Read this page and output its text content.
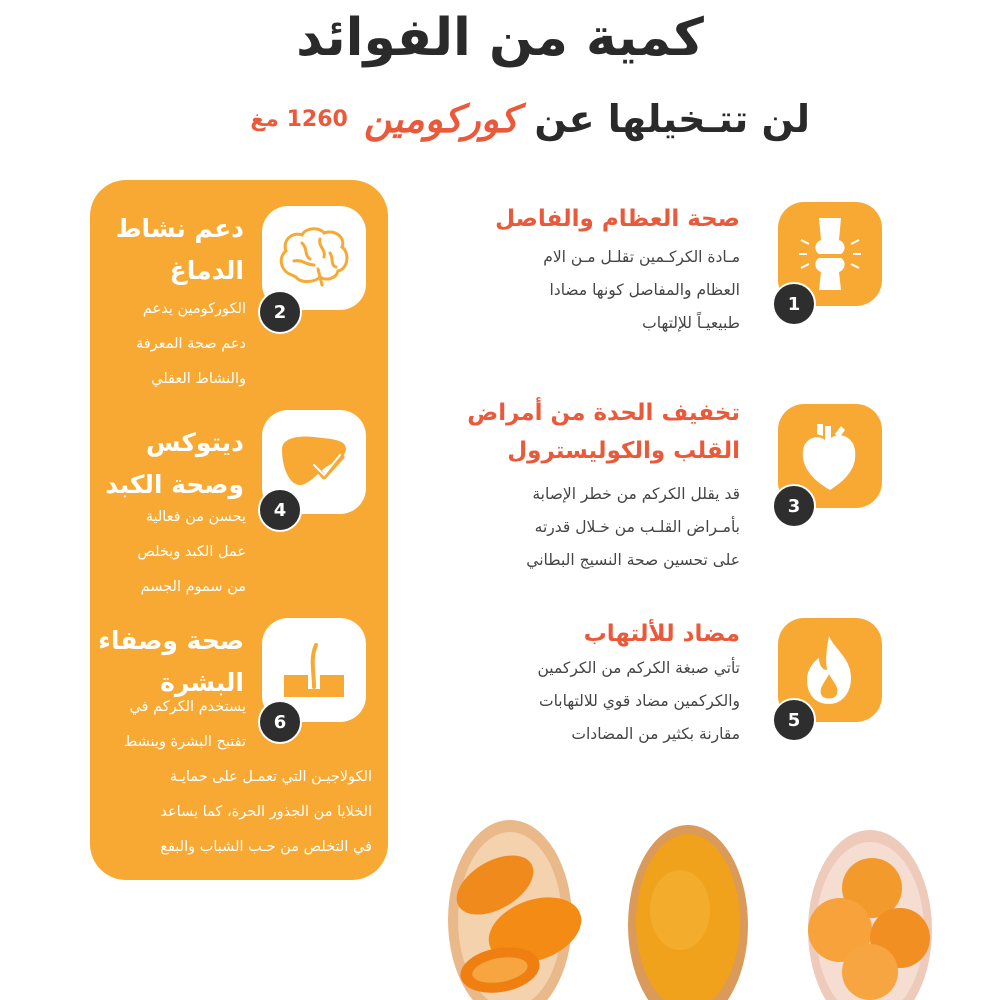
كمية من الفوائد
لن تتـخيلها عن
كوركومين
1260 مغ
2
دعم نشاط
الدماغ
الكوركومين يدعم
دعم صحة المعرفة
والنشاط العقلي
4
ديتوكس
وصحة الكبد
يحسن من فعالية
عمل الكبد ويخلص
من سموم الجسم
6
صحة وصفاء
البشرة
يستخدم الكركم في
تفتيح البشرة وينشط
الكولاجيـن التي تعمـل على حمايـة
الخلايا من الجذور الحرة، كما يساعد
في التخلص من حـب الشباب والبقع
1
صحة العظام والفاصل
مـادة الكركـمين تقلـل مـن الام
العظام والمفاصل كونها مضادا
طبيعيـاً للإلتهاب
3
تخفيف الحدة من أمراض
القلب والكوليسترول
قد يقلل الكركم من خطر الإصابة
بأمـراض القلـب من خـلال قدرته
على تحسين صحة النسيج البطاني
5
مضاد للألتهاب
تأتي صبغة الكركم من الكركمين
والكركمين مضاد قوي للالتهابات
مقارنة بكثير من المضادات
